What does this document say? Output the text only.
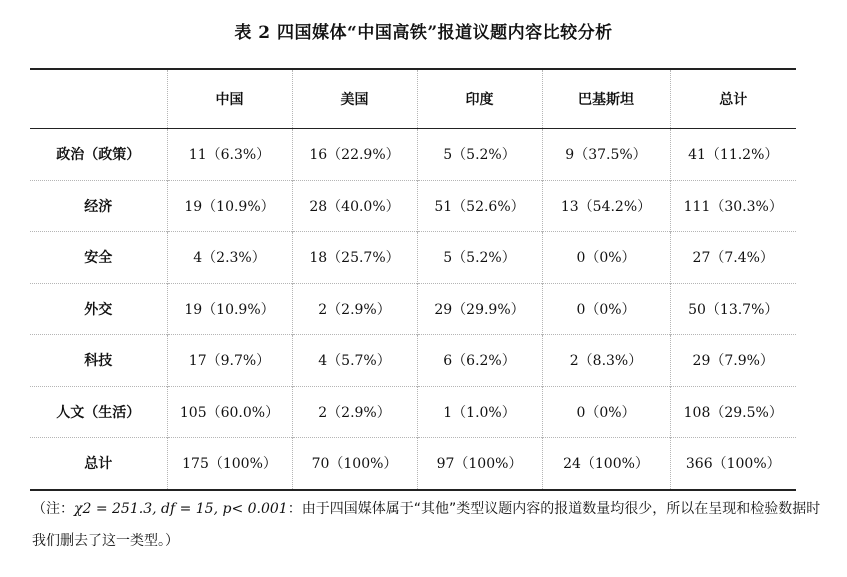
表 2 四国媒体“中国高铁”报道议题内容比较分析
	中国	美国	印度	巴基斯坦	总计
政治（政策）	11（6.3%）	16（22.9%）	5（5.2%）	9（37.5%）	41（11.2%）
经济	19（10.9%）	28（40.0%）	51（52.6%）	13（54.2%）	111（30.3%）
安全	4（2.3%）	18（25.7%）	5（5.2%）	0（0%）	27（7.4%）
外交	19（10.9%）	2（2.9%）	29（29.9%）	0（0%）	50（13.7%）
科技	17（9.7%）	4（5.7%）	6（6.2%）	2（8.3%）	29（7.9%）
人文（生活）	105（60.0%）	2（2.9%）	1（1.0%）	0（0%）	108（29.5%）
总计	175（100%）	70（100%）	97（100%）	24（100%）	366（100%）
（注：χ2 = 251.3, df = 15, p< 0.001：由于四国媒体属于“其他”类型议题内容的报道数量均很少，所以在呈现和检验数据时我们删去了这一类型。）
